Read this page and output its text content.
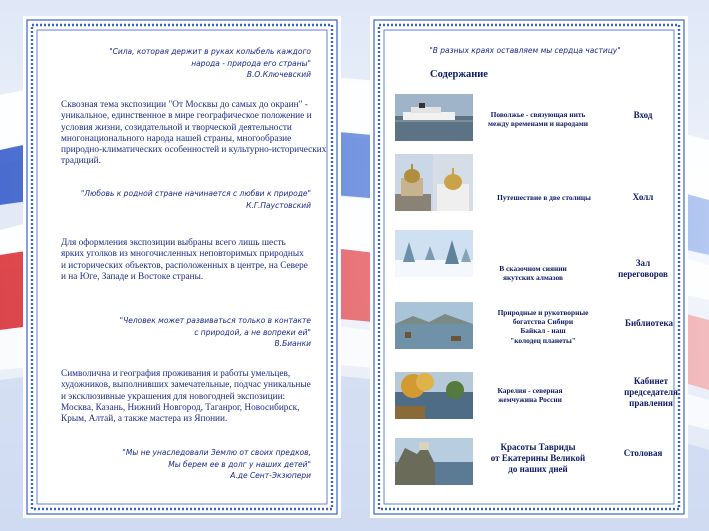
"Сила, которая держит в руках колыбель каждого
народа - природа его страны"
В.О.Ключевский
Сквозная тема экспозиции "От Москвы до самых до окраин" -
уникальное, единственное в мире географическое положение и
условия жизни, созидательной и творческой деятельности
многонационального народа нашей страны, многообразие
природно-климатических особенностей и культурно-исторических
традиций.
"Любовь к родной стране начинается с любви к природе"
К.Г.Паустовский
Для оформления экспозиции выбраны всего лишь шесть
ярких уголков из многочисленных неповторимых природных
и исторических объектов, расположенных в центре, на Севере
и на Юге, Западе и Востоке страны.
"Человек может развиваться только в контакте
с природой, а не вопреки ей"
В.Бианки
Символична и география проживания и работы умельцев,
художников, выполнивших замечательные, подчас уникальные
и эксклюзивные украшения для новогодней экспозиции:
Москва, Казань, Нижний Новгород, Таганрог, Новосибирск,
Крым, Алтай, а также мастера из Японии.
"Мы не унаследовали Землю от своих предков,
Мы берем ее в долг у наших детей"
А.де Сент-Экзюпери
"В разных краях оставляем мы сердца частицу"
Содержание
Поволжье - связующая нить
между временами и народами
Вход
Путешествие в две столицы	Холл
В сказочном сиянии
якутских алмазов
Зал
переговоров
Природные и рукотворные
богатства Сибири
Байкал - наш
"колодец планеты"
Библиотека
Карелия - северная
жемчужина России
Кабинет
председателя
правления
Красоты Тавриды
от Екатерины Великой
до наших дней
Столовая
